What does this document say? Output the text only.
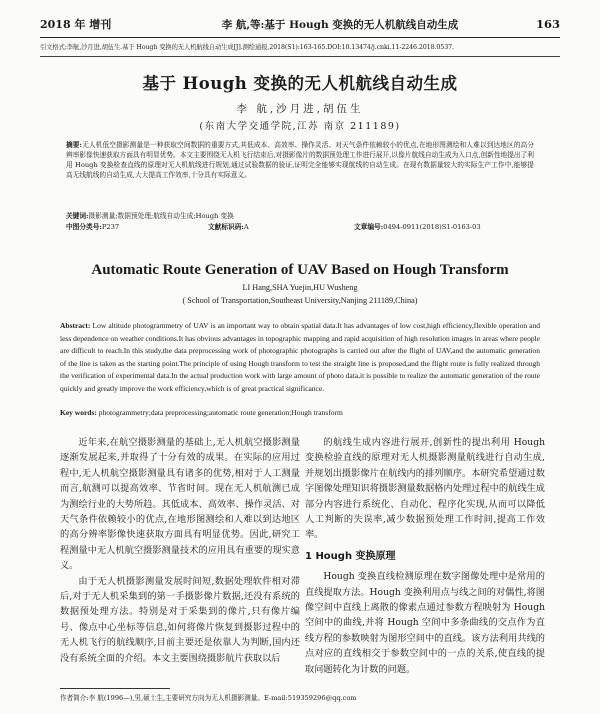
2018 年 增刊	李 航,等:基于 Hough 变换的无人机航线自动生成	163
引文格式:李航,沙月进,胡伍生.基于 Hough 变换的无人机航线自动生成[J].测绘通报,2018(S1):163-165.DOI:10.13474/j.cnki.11-2246.2018.0537.
基于 Hough 变换的无人机航线自动生成
李 航,沙月进,胡伍生
(东南大学交通学院,江苏 南京 211189)
摘要:无人机低空摄影测量是一种获取空间数据的重要方式,其低成本、高效率、操作灵活、对天气条件依赖较小的优点,在地形图测绘和人难以到达地区的高分辨率影像快速获取方面具有明显优势。本文主要围绕无人机飞行结束后,对摄影像片的数据预处理工作进行展开,以像片航线自动生成为入口点,创新性地提出了利用 Hough 变换检查直线的原理对无人机航线进行规划,通过试验数据的验证,证明完全能够实现航线的自动生成。在现有数据量较大的实际生产工作中,能够提高无线航线的自动生成,大大提高工作效率,十分具有实际意义。
关键词:摄影测量;数据预处理;航线自动生成;Hough 变换
中图分类号:P237	文献标识码:A	文章编号:0494-0911(2018)S1-0163-03
Automatic Route Generation of UAV Based on Hough Transform
LI Hang,SHA Yuejin,HU Wusheng
( School of Transportation,Southeast University,Nanjing 211189,China)
Abstract: Low altitude photogrammetry of UAV is an important way to obtain spatial data.It has advantages of low cost,high efficiency,flexible operation and less dependence on weather conditions.It has obvious advantages in topographic mapping and rapid acquisition of high resolution images in areas where people are difficult to reach.In this study,the data preprocessing work of photographic photographs is carried out after the flight of UAV,and the automatic generation of the line is taken as the starting point.The principle of using Hough transform to test the straight line is proposed,and the flight route is fully realized through the verification of experimental data.In the actual production work with large amount of photo data,it is possible to realize the automatic generation of the route quickly and greatly improve the work efficiency,which is of great practical significance.
Key words: photogrammetry;data preprocessing;automatic route generation;Hough transform

近年来,在航空摄影测量的基础上,无人机航空摄影测量逐渐发展起来,并取得了十分有效的成果。在实际的应用过程中,无人机航空摄影测量具有诸多的优势,相对于人工测量而言,航测可以提高效率、节省时间。现在无人机航测已成为测绘行业的大势所趋。其低成本、高效率、操作灵活、对天气条件依赖较小的优点,在地形图测绘和人难以到达地区的高分辨率影像快速获取方面具有明显优势。因此,研究工程测量中无人机航空摄影测量技术的应用具有重要的现实意义。

由于无人机摄影测量发展时间短,数据处理软件相对滞后,对于无人机采集到的第一手摄影像片数据,还没有系统的数据预处理方法。特别是对于采集到的像片,只有像片编号、像点中心坐标等信息,如何将像片恢复到摄影过程中的无人机飞行的航线顺序,目前主要还是依靠人为判断,国内还没有系统全面的介绍。本文主要围绕摄影航片获取以后

的航线生成内容进行展开,创新性的提出利用 Hough 变换检验直线的原理对无人机摄影测量航线进行自动生成,并规划出摄影像片在航线内的排列顺序。本研究希望通过数字图像处理知识将摄影测量数据格内处理过程中的航线生成部分内容进行系统化、自动化、程序化实现,从而可以降低人工判断的失误率,减少数据预处理工作时间,提高工作效率。

1 Hough 变换原理

Hough 变换直线检测原理在数字图像处理中是常用的直线提取方法。Hough 变换利用点与线之间的对偶性,将图像空间中直线上离散的像素点通过参数方程映射为 Hough 空间中的曲线,并将 Hough 空间中多条曲线的交点作为直线方程的参数映射为图形空间中的直线。该方法利用共线的点对应的直线相交于参数空间中的一点的关系,使直线的提取问题转化为计数的问题。

作者简介:李 航(1996—),男,硕士生,主要研究方向为无人机摄影测量。E-mail:519359296@qq.com
